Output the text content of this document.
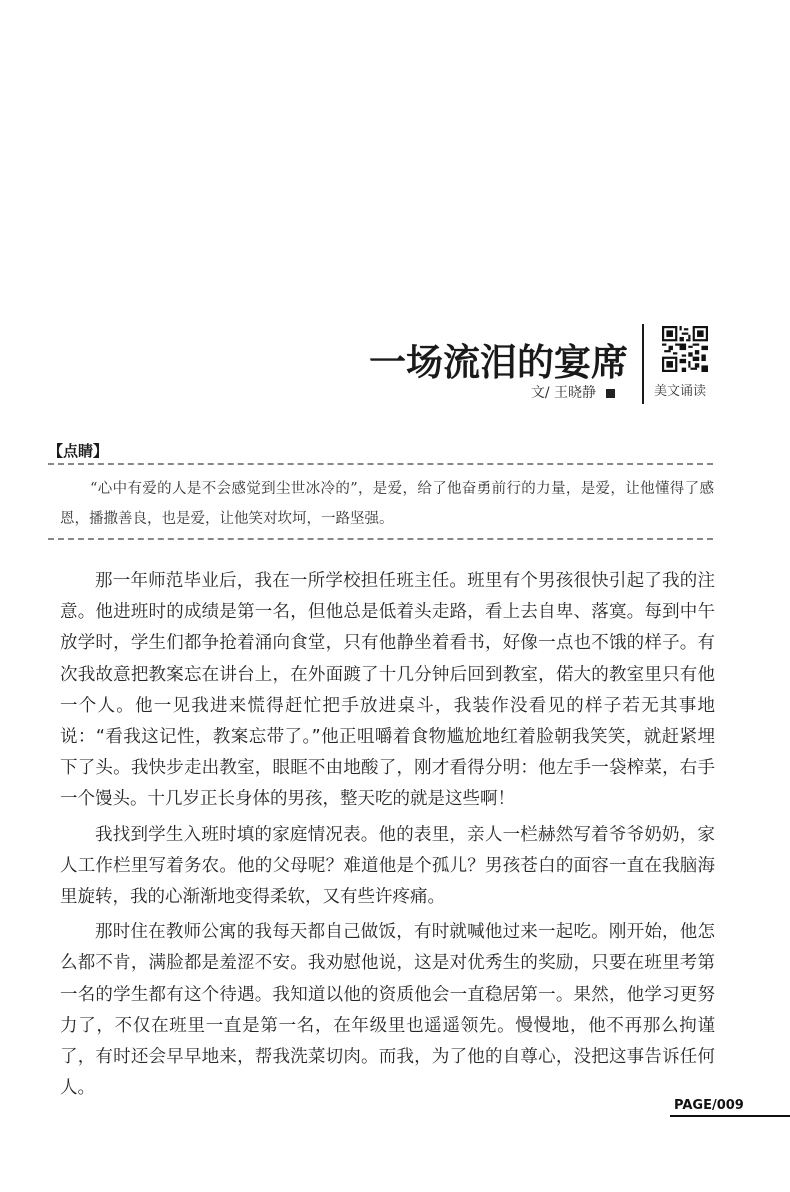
一场流泪的宴席
文/ 王晓静	美文诵读
【点睛】

“心中有爱的人是不会感觉到尘世冰冷的”，是爱，给了他奋勇前行的力量，是爱，让他懂得了感恩，播撒善良，也是爱，让他笑对坎坷，一路坚强。

那一年师范毕业后，我在一所学校担任班主任。班里有个男孩很快引起了我的注意。他进班时的成绩是第一名，但他总是低着头走路，看上去自卑、落寞。每到中午放学时，学生们都争抢着涌向食堂，只有他静坐着看书，好像一点也不饿的样子。有次我故意把教案忘在讲台上，在外面踱了十几分钟后回到教室，偌大的教室里只有他一个人。他一见我进来慌得赶忙把手放进桌斗，我装作没看见的样子若无其事地说：“看我这记性，教案忘带了。”他正咀嚼着食物尴尬地红着脸朝我笑笑，就赶紧埋下了头。我快步走出教室，眼眶不由地酸了，刚才看得分明：他左手一袋榨菜，右手一个馒头。十几岁正长身体的男孩，整天吃的就是这些啊！

我找到学生入班时填的家庭情况表。他的表里，亲人一栏赫然写着爷爷奶奶，家人工作栏里写着务农。他的父母呢？难道他是个孤儿？男孩苍白的面容一直在我脑海里旋转，我的心渐渐地变得柔软，又有些许疼痛。

那时住在教师公寓的我每天都自己做饭，有时就喊他过来一起吃。刚开始，他怎么都不肯，满脸都是羞涩不安。我劝慰他说，这是对优秀生的奖励，只要在班里考第一名的学生都有这个待遇。我知道以他的资质他会一直稳居第一。果然，他学习更努力了，不仅在班里一直是第一名，在年级里也遥遥领先。慢慢地，他不再那么拘谨了，有时还会早早地来，帮我洗菜切肉。而我，为了他的自尊心，没把这事告诉任何人。

PAGE/009
